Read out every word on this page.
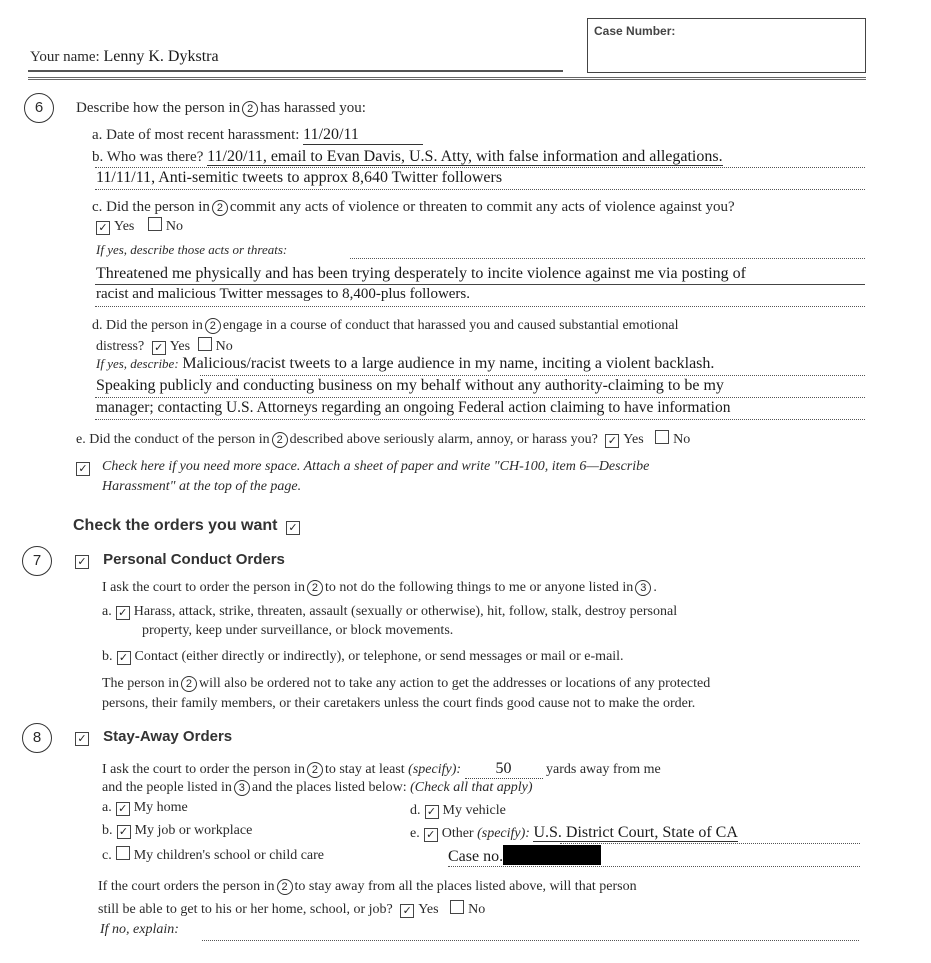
Your name: Lenny K. Dykstra
Case Number:
6	Describe how the person in 2 has harassed you:
a. Date of most recent harassment: 11/20/11
b. Who was there? 11/20/11, email to Evan Davis, U.S. Atty, with false information and allegations.
11/11/11, Anti-semitic tweets to approx 8,640 Twitter followers
c. Did the person in 2 commit any acts of violence or threaten to commit any acts of violence against you?
✓ Yes No
If yes, describe those acts or threats:
Threatened me physically and has been trying desperately to incite violence against me via posting of
racist and malicious Twitter messages to 8,400-plus followers.
d. Did the person in 2 engage in a course of conduct that harassed you and caused substantial emotional
distress? ✓ Yes No
If yes, describe: Malicious/racist tweets to a large audience in my name, inciting a violent backlash.
Speaking publicly and conducting business on my behalf without any authority-claiming to be my
manager; contacting U.S. Attorneys regarding an ongoing Federal action claiming to have information
e. Did the conduct of the person in 2 described above seriously alarm, annoy, or harass you? ✓ Yes No
✓	Check here if you need more space. Attach a sheet of paper and write "CH-100, item 6—Describe
Harassment" at the top of the page.
Check the orders you want ✓
7	✓ Personal Conduct Orders
I ask the court to order the person in 2 to not do the following things to me or anyone listed in 3 .
a. ✓ Harass, attack, strike, threaten, assault (sexually or otherwise), hit, follow, stalk, destroy personal
property, keep under surveillance, or block movements.
b. ✓ Contact (either directly or indirectly), or telephone, or send messages or mail or e-mail.
The person in 2 will also be ordered not to take any action to get the addresses or locations of any protected
persons, their family members, or their caretakers unless the court finds good cause not to make the order.
8	✓ Stay-Away Orders
I ask the court to order the person in 2 to stay at least (specify): 50 yards away from me
and the people listed in 3 and the places listed below: (Check all that apply)
a. ✓ My home
b. ✓ My job or workplace
c. My children's school or child care
d. ✓ My vehicle
e. ✓ Other (specify): U.S. District Court, State of CA
Case no.
If the court orders the person in 2 to stay away from all the places listed above, will that person
still be able to get to his or her home, school, or job? ✓ Yes No
If no, explain:
